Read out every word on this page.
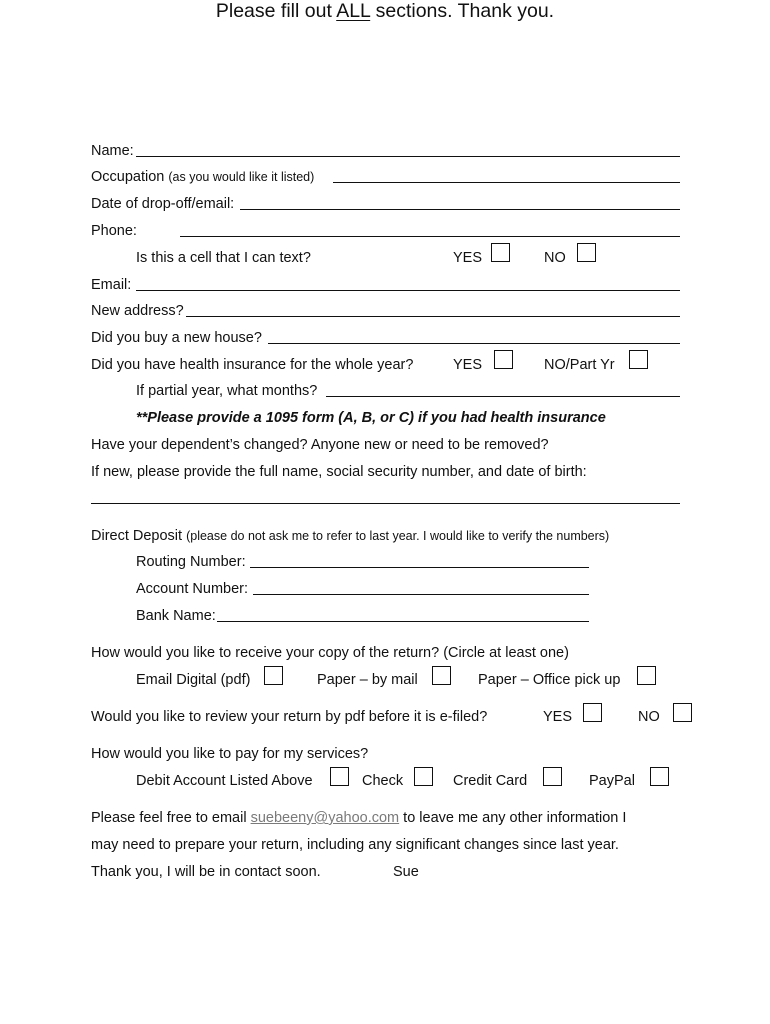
Please fill out ALL sections. Thank you.
Name:
Occupation (as you would like it listed)
Date of drop-off/email:
Phone:
Is this a cell that I can text?	YES	NO
Email:
New address?
Did you buy a new house?
Did you have health insurance for the whole year?	YES	NO/Part Yr
If partial year, what months?
**Please provide a 1095 form (A, B, or C) if you had health insurance
Have your dependent’s changed? Anyone new or need to be removed?
If new, please provide the full name, social security number, and date of birth:
Direct Deposit (please do not ask me to refer to last year. I would like to verify the numbers)
Routing Number:
Account Number:
Bank Name:
How would you like to receive your copy of the return? (Circle at least one)
Email Digital (pdf)	Paper – by mail	Paper – Office pick up
Would you like to review your return by pdf before it is e-filed?	YES	NO
How would you like to pay for my services?
Debit Account Listed Above	Check	Credit Card	PayPal
Please feel free to email suebeeny@yahoo.com to leave me any other information I
may need to prepare your return, including any significant changes since last year.
Thank you, I will be in contact soon.	Sue
